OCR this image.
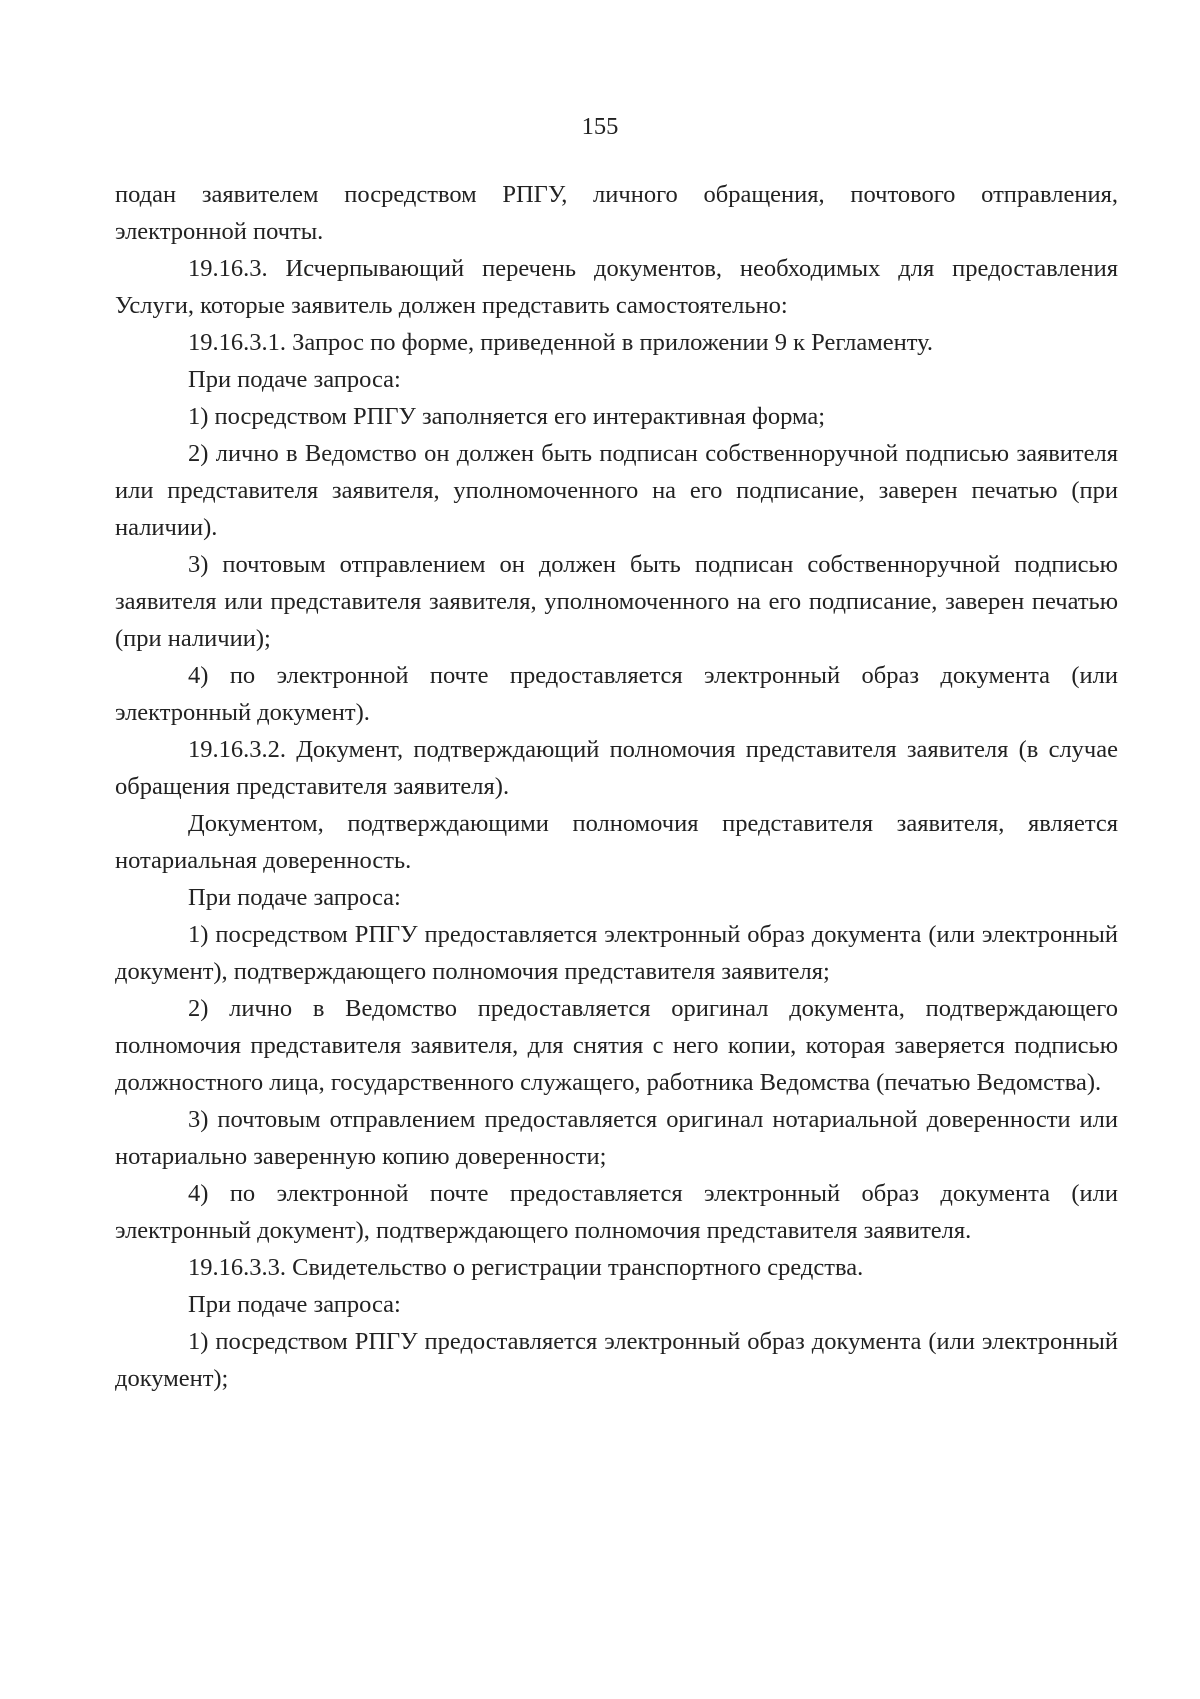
155

подан заявителем посредством РПГУ, личного обращения, почтового отправления, электронной почты.

19.16.3. Исчерпывающий перечень документов, необходимых для предоставления Услуги, которые заявитель должен представить самостоятельно:

19.16.3.1. Запрос по форме, приведенной в приложении 9 к Регламенту.

При подаче запроса:

1) посредством РПГУ заполняется его интерактивная форма;

2) лично в Ведомство он должен быть подписан собственноручной подписью заявителя или представителя заявителя, уполномоченного на его подписание, заверен печатью (при наличии).

3) почтовым отправлением он должен быть подписан собственноручной подписью заявителя или представителя заявителя, уполномоченного на его подписание, заверен печатью (при наличии);

4) по электронной почте предоставляется электронный образ документа (или электронный документ).

19.16.3.2. Документ, подтверждающий полномочия представителя заявителя (в случае обращения представителя заявителя).

Документом, подтверждающими полномочия представителя заявителя, является нотариальная доверенность.

При подаче запроса:

1) посредством РПГУ предоставляется электронный образ документа (или электронный документ), подтверждающего полномочия представителя заявителя;

2) лично в Ведомство предоставляется оригинал документа, подтверждающего полномочия представителя заявителя, для снятия с него копии, которая заверяется подписью должностного лица, государственного служащего, работника Ведомства (печатью Ведомства).

3) почтовым отправлением предоставляется оригинал нотариальной доверенности или нотариально заверенную копию доверенности;

4) по электронной почте предоставляется электронный образ документа (или электронный документ), подтверждающего полномочия представителя заявителя.

19.16.3.3. Свидетельство о регистрации транспортного средства.

При подаче запроса:

1) посредством РПГУ предоставляется электронный образ документа (или электронный документ);
